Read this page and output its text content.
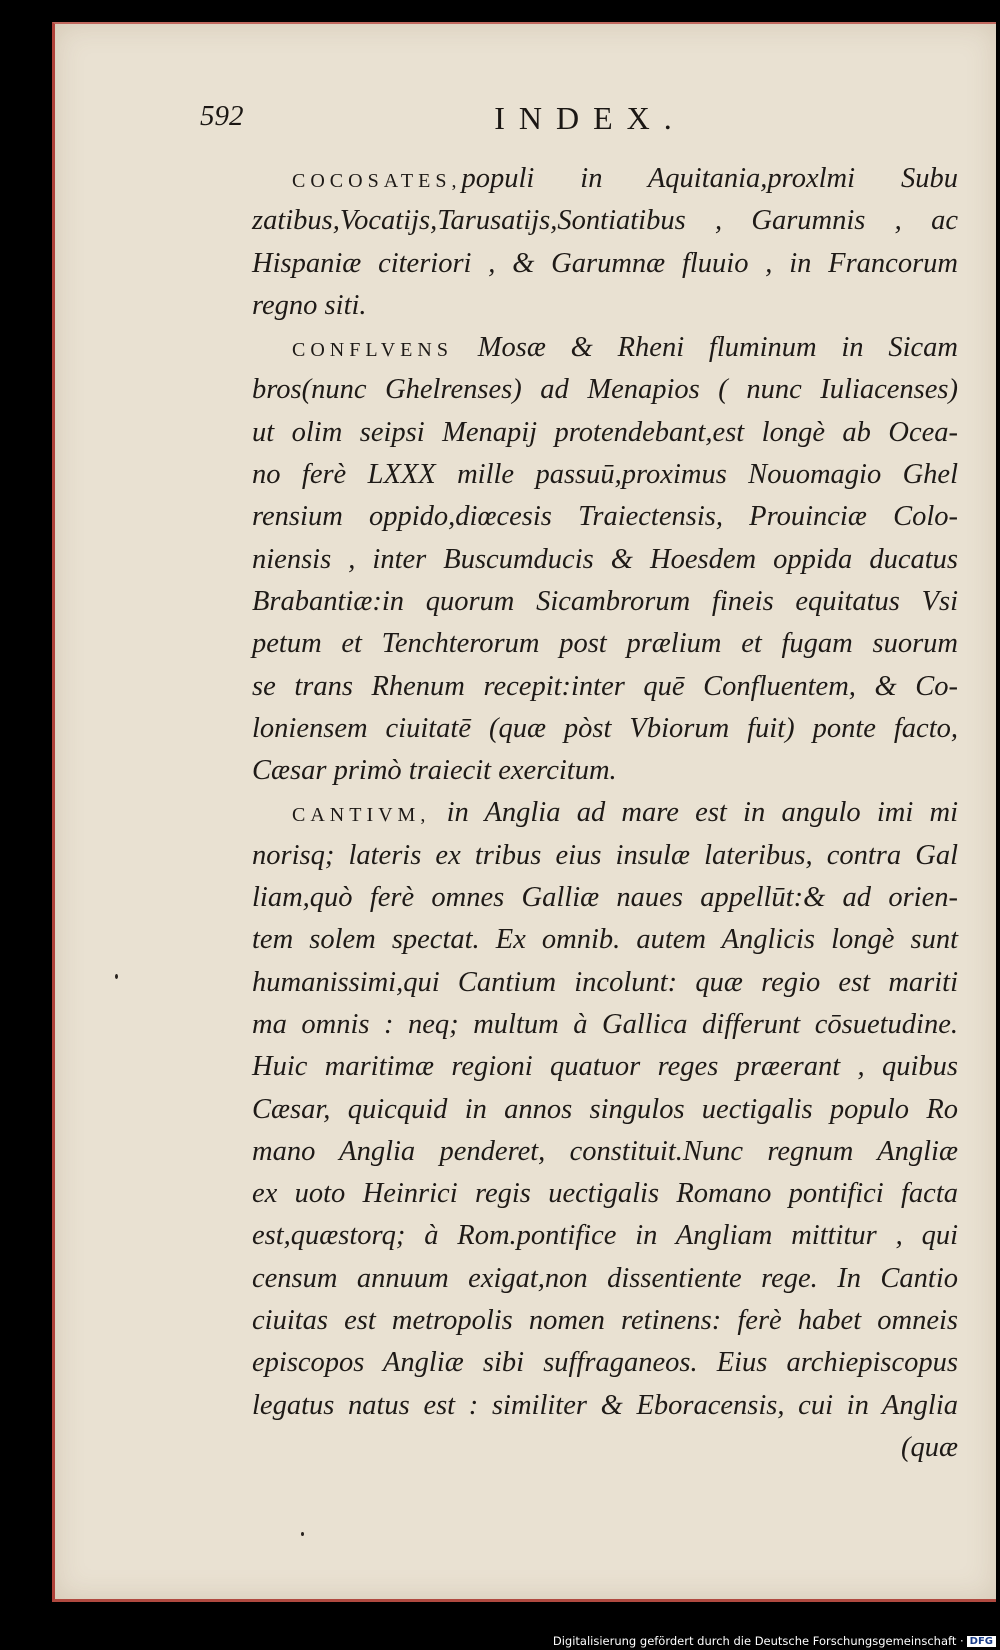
592	INDEX.
COCOSATES,populi in Aquitania,proxlmi Subu
zatibus,Vocatijs,Tarusatijs,Sontiatibus , Garumnis , ac
Hispaniæ citeriori , & Garumnæ fluuio , in Francorum
regno siti.
CONFLVENS Mosæ & Rheni fluminum in Sicam
bros(nunc Ghelrenses) ad Menapios ( nunc Iuliacenses)
ut olim seipsi Menapij protendebant,est longè ab Ocea-
no ferè LXXX mille passuū,proximus Nouomagio Ghel
rensium oppido,diœcesis Traiectensis, Prouinciæ Colo-
niensis , inter Buscumducis & Hoesdem oppida ducatus
Brabantiæ:in quorum Sicambrorum fineis equitatus Vsi
petum et Tenchterorum post prælium et fugam suorum
se trans Rhenum recepit:inter quē Confluentem, & Co-
loniensem ciuitatē (quæ pòst Vbiorum fuit) ponte facto,
Cæsar primò traiecit exercitum.
CANTIVM, in Anglia ad mare est in angulo imi mi
norisq; lateris ex tribus eius insulæ lateribus, contra Gal
liam,quò ferè omnes Galliæ naues appellūt:& ad orien-
tem solem spectat. Ex omnib. autem Anglicis longè sunt
humanissimi,qui Cantium incolunt: quæ regio est mariti
ma omnis : neq; multum à Gallica differunt cōsuetudine.
Huic maritimæ regioni quatuor reges præerant , quibus
Cæsar, quicquid in annos singulos uectigalis populo Ro
mano Anglia penderet, constituit.Nunc regnum Angliæ
ex uoto Heinrici regis uectigalis Romano pontifici facta
est,quæstorq; à Rom.pontifice in Angliam mittitur , qui
censum annuum exigat,non dissentiente rege. In Cantio
ciuitas est metropolis nomen retinens: ferè habet omneis
episcopos Angliæ sibi suffraganeos. Eius archiepiscopus
legatus natus est : similiter & Eboracensis, cui in Anglia
(quæ
Digitalisierung gefördert durch die Deutsche Forschungsgemeinschaft · DFG
